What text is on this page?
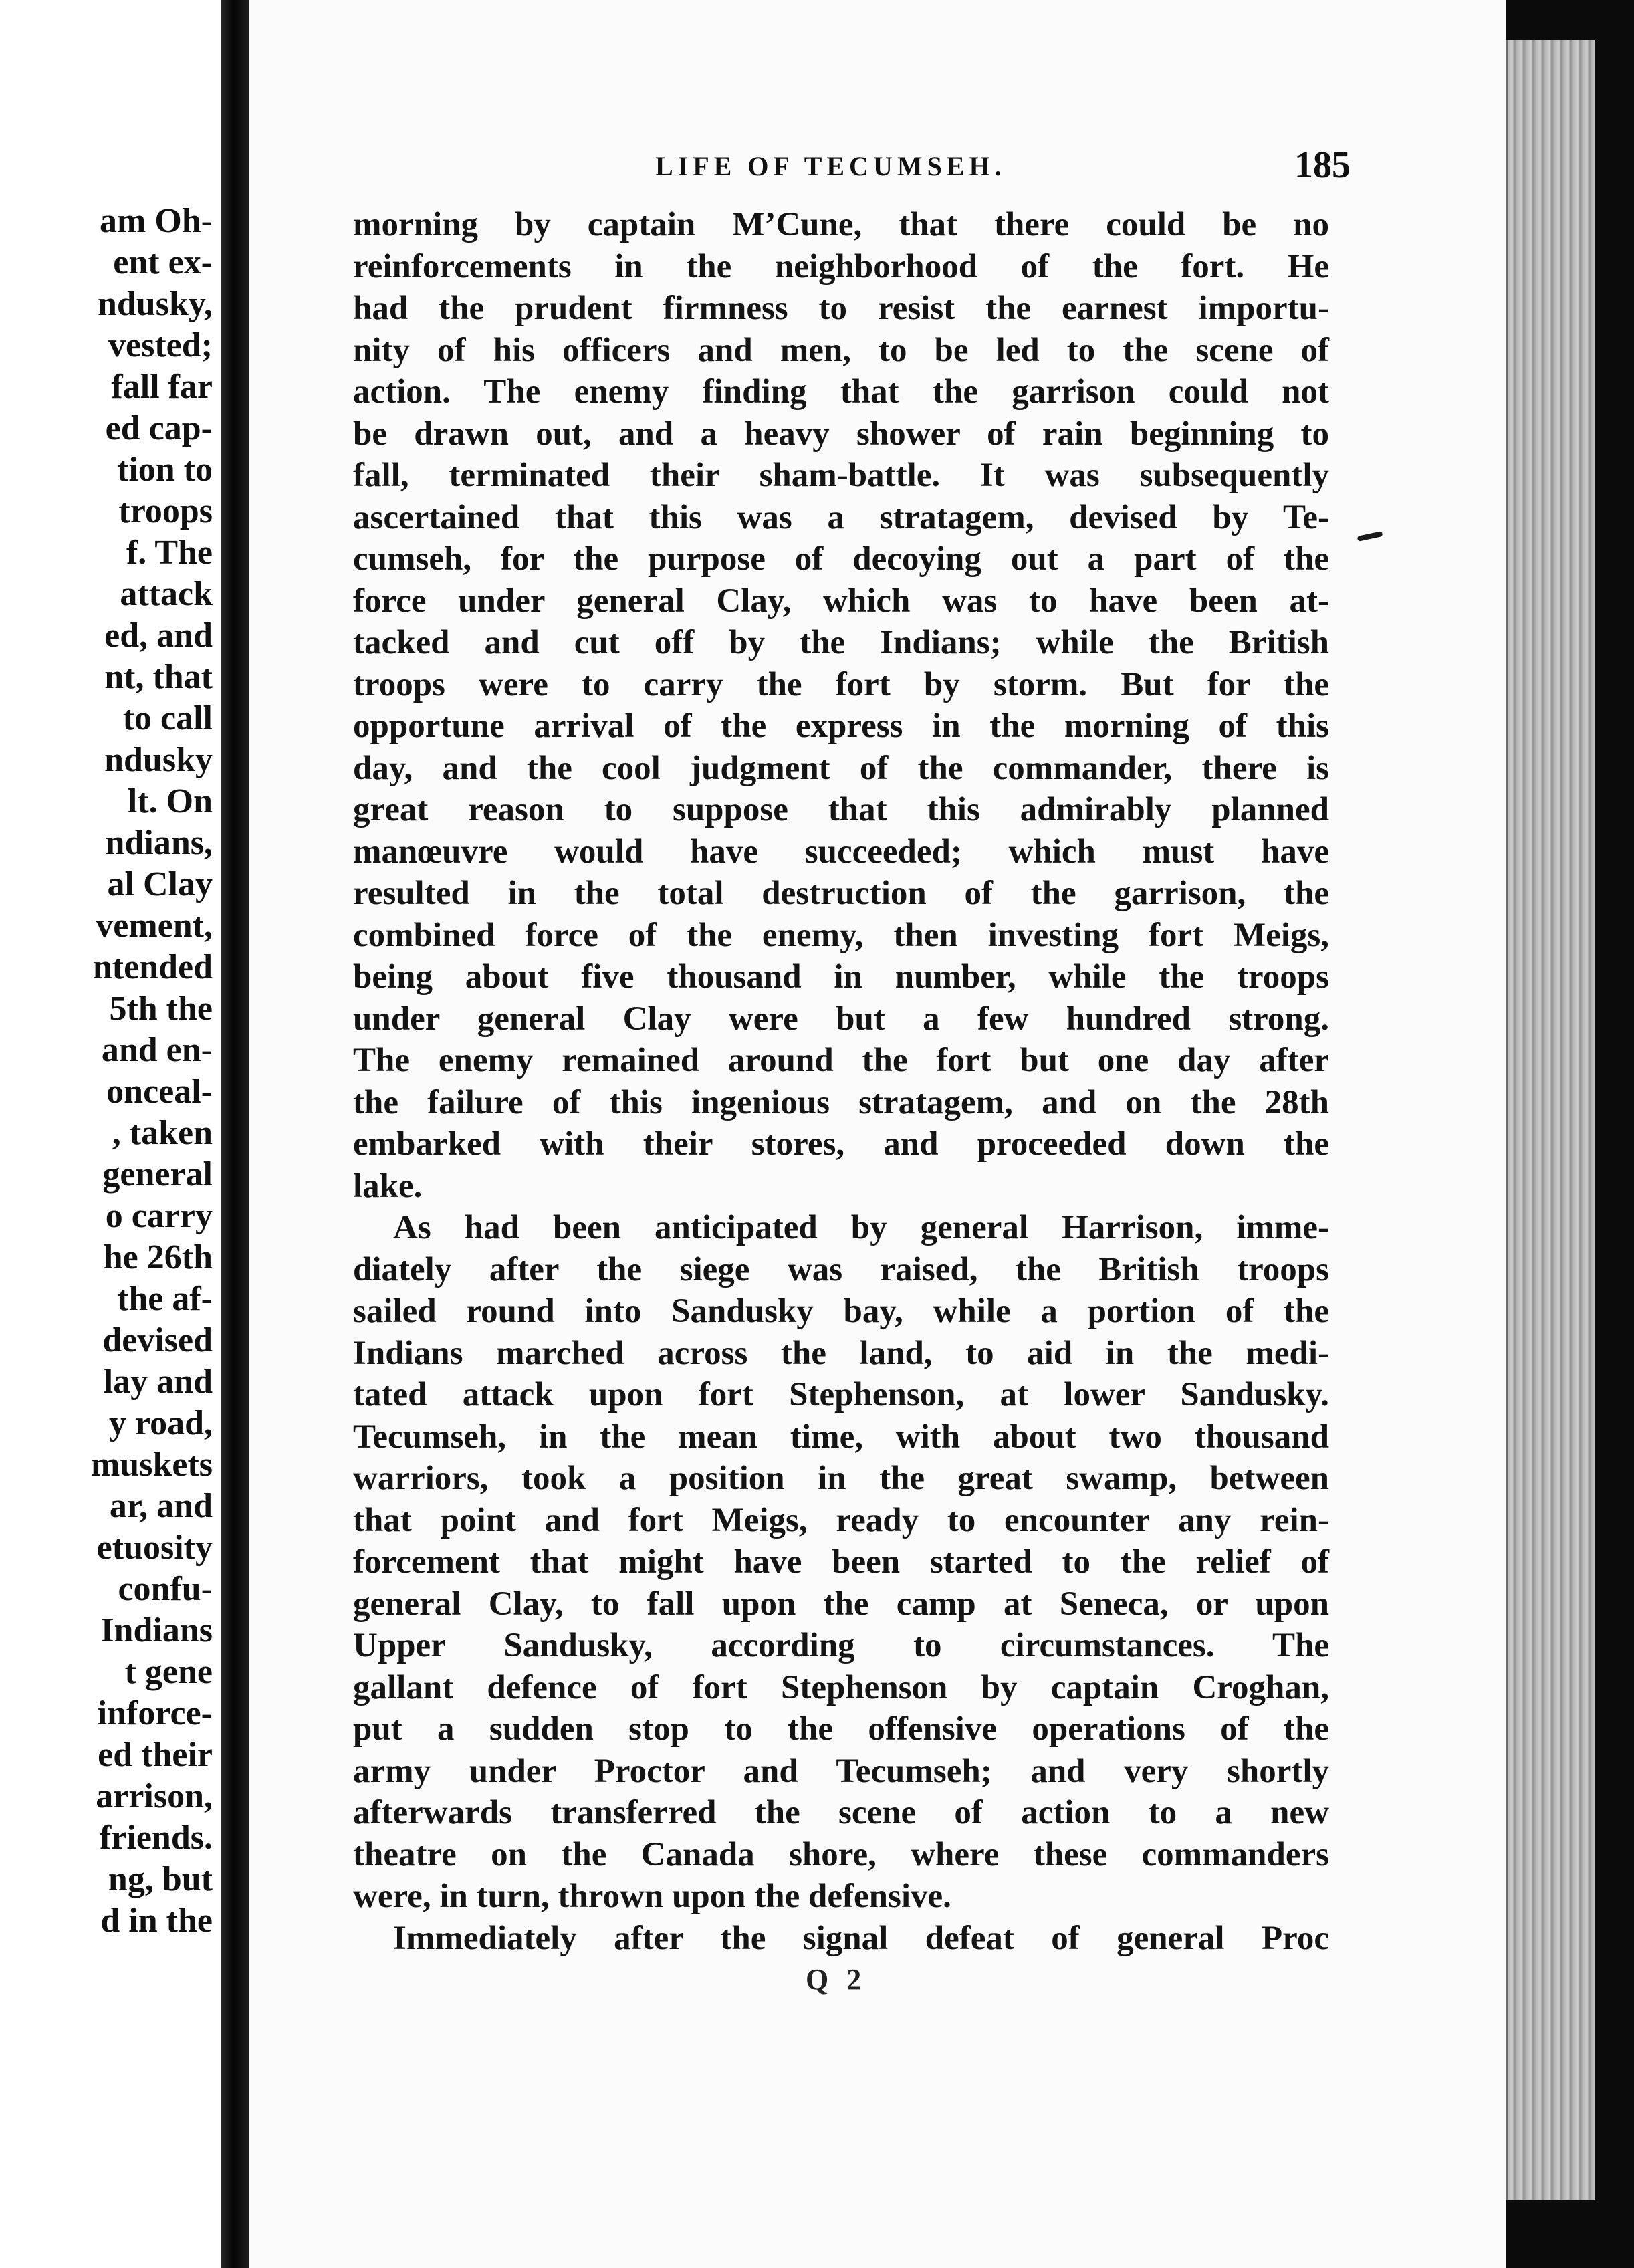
am Oh-
ent ex-
ndusky,
vested;
fall far
ed cap-
tion to
troops
f. The
attack
ed, and
nt, that
to call
ndusky
lt. On
ndians,
al Clay
vement,
ntended
5th the
and en-
onceal-
, taken
general
o carry
he 26th
the af-
devised
lay and
y road,
muskets
ar, and
etuosity
confu-
Indians
t gene
inforce-
ed their
arrison,
friends.
ng, but
d in the
LIFE OF TECUMSEH.	185
morning by captain M’Cune, that there could be no
reinforcements in the neighborhood of the fort. He
had the prudent firmness to resist the earnest importu-
nity of his officers and men, to be led to the scene of
action. The enemy finding that the garrison could not
be drawn out, and a heavy shower of rain beginning to
fall, terminated their sham-battle. It was subsequently
ascertained that this was a stratagem, devised by Te-
cumseh, for the purpose of decoying out a part of the
force under general Clay, which was to have been at-
tacked and cut off by the Indians; while the British
troops were to carry the fort by storm. But for the
opportune arrival of the express in the morning of this
day, and the cool judgment of the commander, there is
great reason to suppose that this admirably planned
manœuvre would have succeeded; which must have
resulted in the total destruction of the garrison, the
combined force of the enemy, then investing fort Meigs,
being about five thousand in number, while the troops
under general Clay were but a few hundred strong.
The enemy remained around the fort but one day after
the failure of this ingenious stratagem, and on the 28th
embarked with their stores, and proceeded down the
lake.
As had been anticipated by general Harrison, imme-
diately after the siege was raised, the British troops
sailed round into Sandusky bay, while a portion of the
Indians marched across the land, to aid in the medi-
tated attack upon fort Stephenson, at lower Sandusky.
Tecumseh, in the mean time, with about two thousand
warriors, took a position in the great swamp, between
that point and fort Meigs, ready to encounter any rein-
forcement that might have been started to the relief of
general Clay, to fall upon the camp at Seneca, or upon
Upper Sandusky, according to circumstances. The
gallant defence of fort Stephenson by captain Croghan,
put a sudden stop to the offensive operations of the
army under Proctor and Tecumseh; and very shortly
afterwards transferred the scene of action to a new
theatre on the Canada shore, where these commanders
were, in turn, thrown upon the defensive.
Immediately after the signal defeat of general Proc
Q 2
